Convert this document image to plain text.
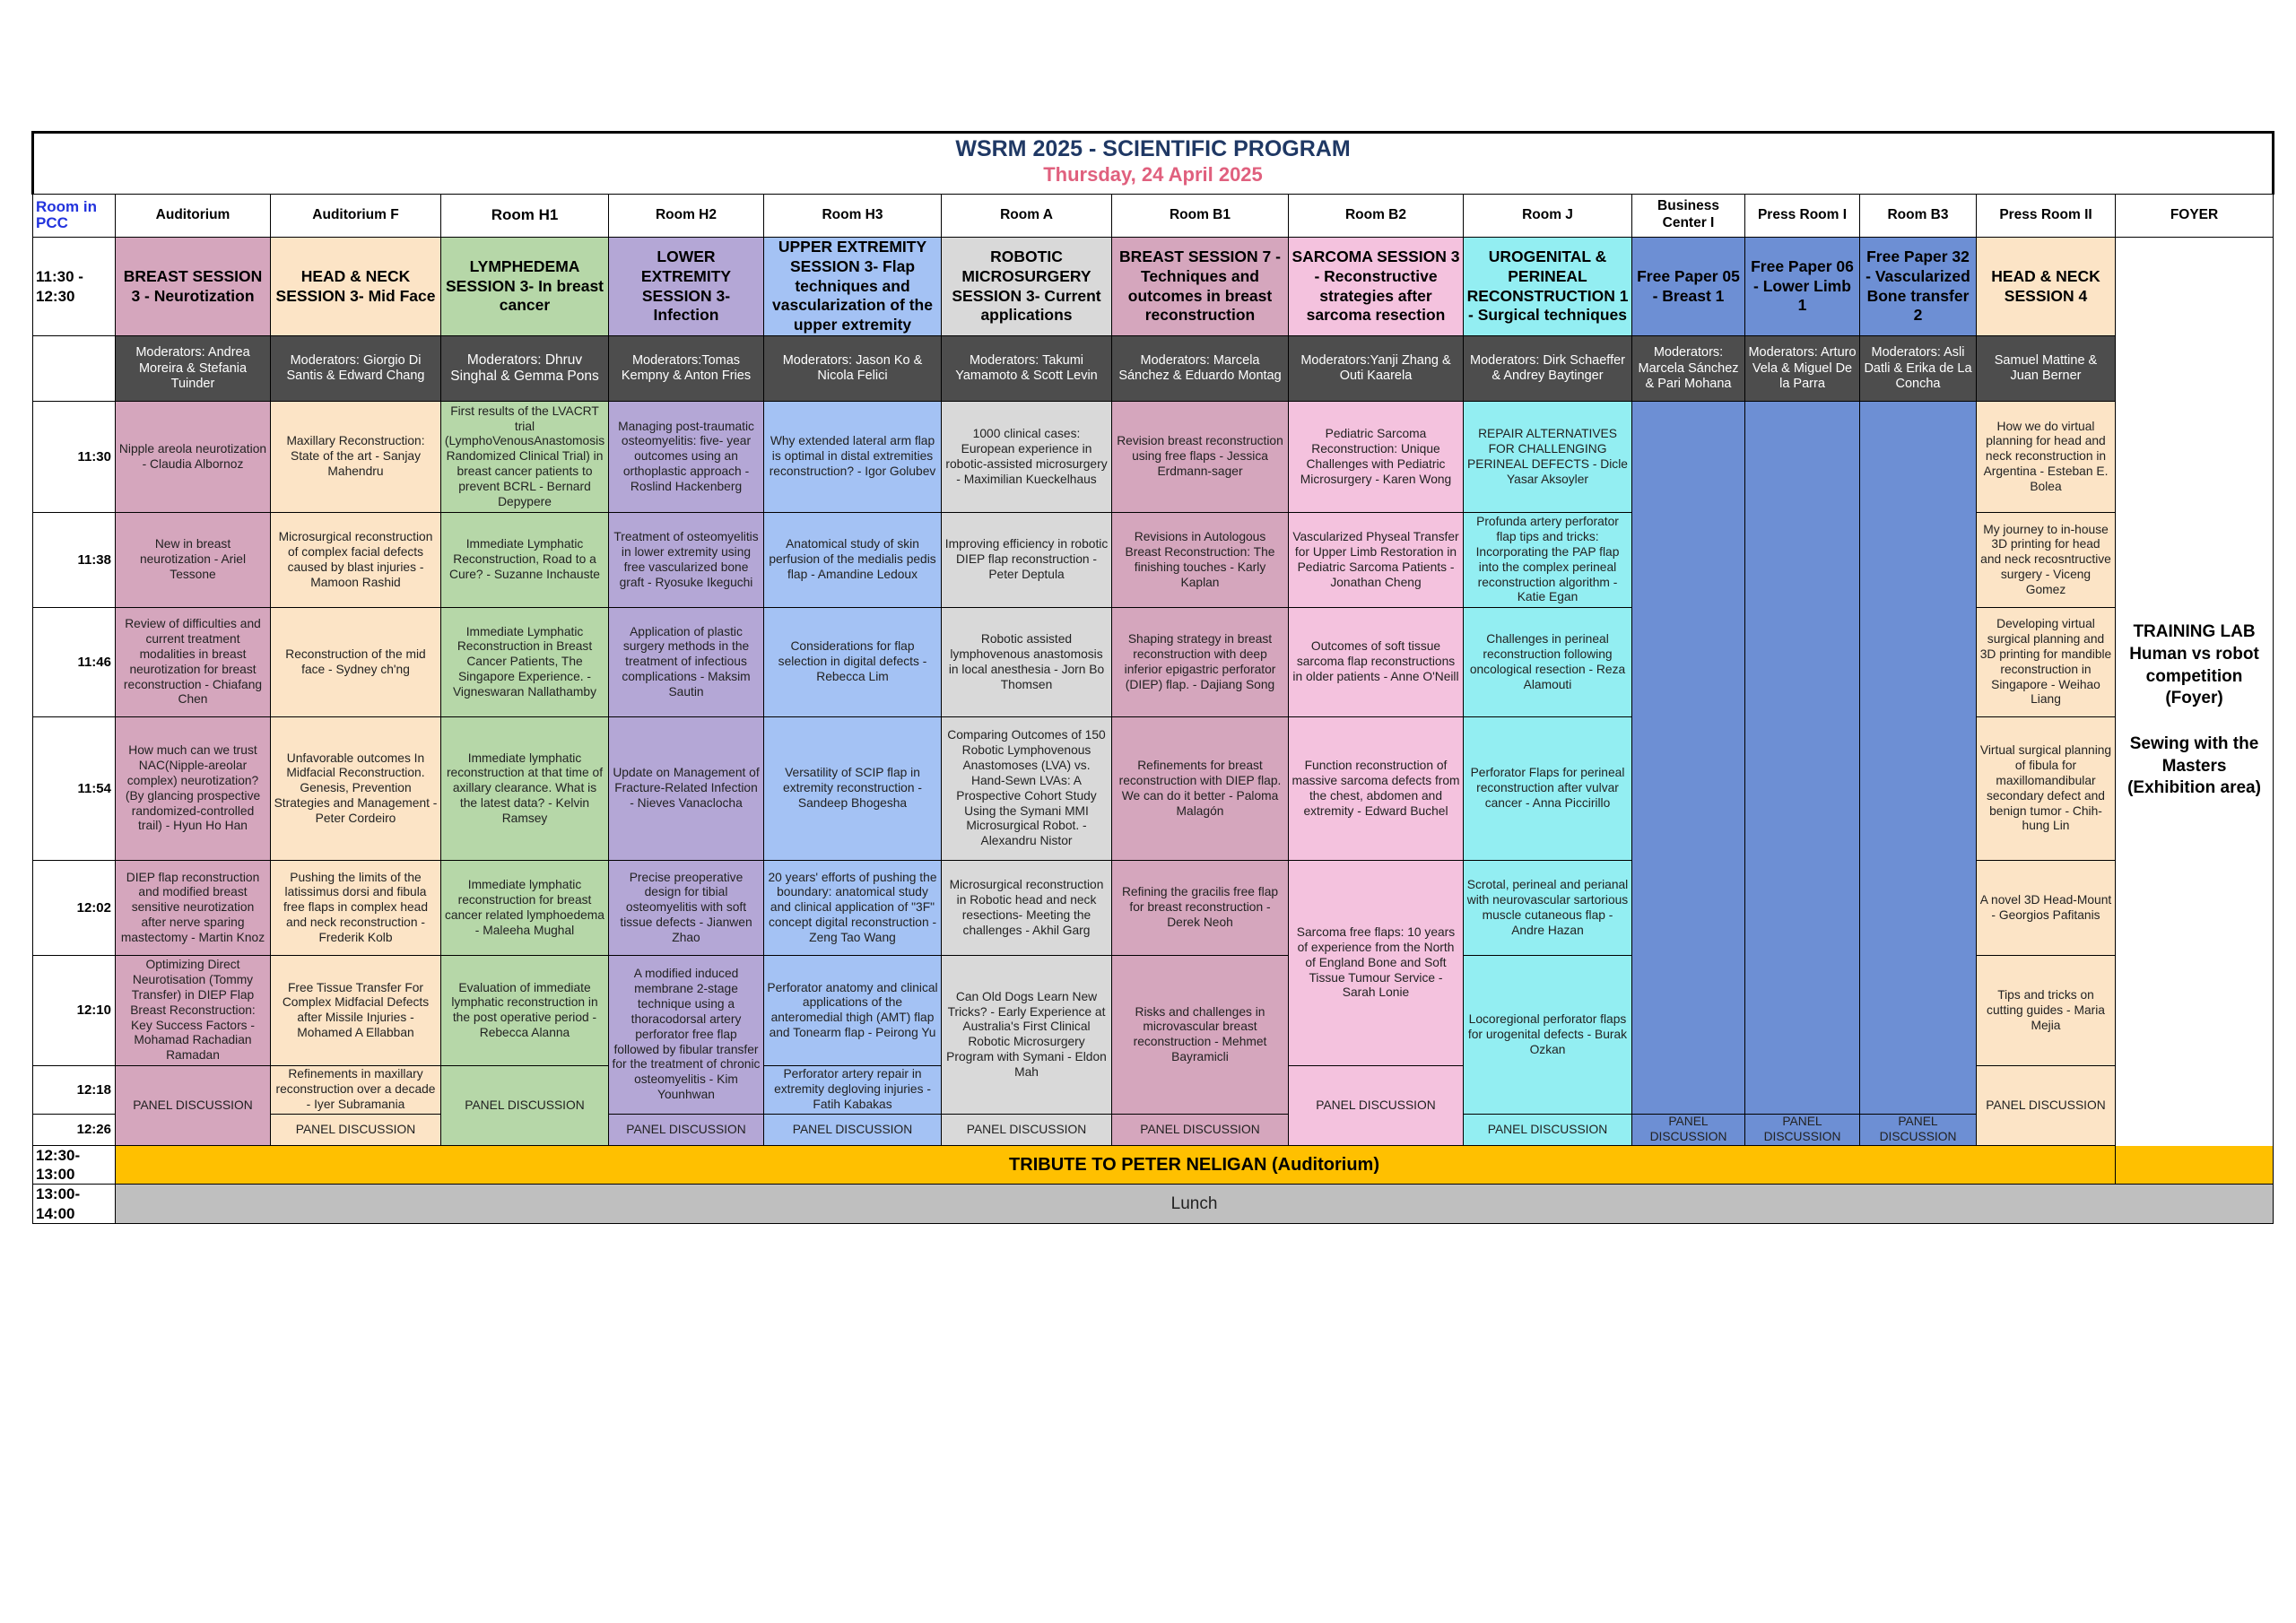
WSRM 2025 - SCIENTIFIC PROGRAM
Thursday, 24 April 2025														

Room in PCC	Auditorium	Auditorium F	Room H1	Room H2	Room H3	Room A	Room B1	Room B2	Room J	Business Center I	Press Room I	Room B3	Press Room II	FOYER
11:30 - 12:30	BREAST SESSION 3 - Neurotization	HEAD & NECK SESSION 3- Mid Face	LYMPHEDEMA SESSION 3- In breast cancer	LOWER EXTREMITY SESSION 3- Infection	UPPER EXTREMITY SESSION 3- Flap techniques and vascularization of the upper extremity	ROBOTIC MICROSURGERY SESSION 3- Current applications	BREAST SESSION 7 - Techniques and outcomes in breast reconstruction	SARCOMA SESSION 3 - Reconstructive strategies after sarcoma resection	UROGENITAL & PERINEAL RECONSTRUCTION 1 - Surgical techniques	Free Paper 05 - Breast 1	Free Paper 06 - Lower Limb 1	Free Paper 32 - Vascularized Bone transfer 2	HEAD & NECK SESSION 4	TRAINING LAB
Human vs robot competition
(Foyer)
Sewing with the Masters
(Exhibition area)

	Moderators: Andrea Moreira & Stefania Tuinder	Moderators: Giorgio Di Santis & Edward Chang	Moderators: Dhruv Singhal & Gemma Pons	Moderators:Tomas Kempny & Anton Fries	Moderators: Jason Ko & Nicola Felici	Moderators: Takumi Yamamoto & Scott Levin	Moderators: Marcela Sánchez & Eduardo Montag	Moderators:Yanji Zhang & Outi Kaarela	Moderators: Dirk Schaeffer & Andrey Baytinger	Moderators: Marcela Sánchez & Pari Mohana	Moderators: Arturo Vela & Miguel De la Parra	Moderators: Asli Datli & Erika de La Concha	Samuel Mattine & Juan Berner	
11:30	Nipple areola neurotization - Claudia Albornoz	Maxillary Reconstruction: State of the art - Sanjay Mahendru	First results of the LVACRT trial (LymphoVenousAnastomosis Randomized Clinical Trial) in breast cancer patients to prevent BCRL - Bernard Depypere	Managing post-traumatic osteomyelitis: five- year outcomes using an orthoplastic approach - Roslind Hackenberg	Why extended lateral arm flap is optimal in distal extremities reconstruction? - Igor Golubev	1000 clinical cases: European experience in robotic-assisted microsurgery - Maximilian Kueckelhaus	Revision breast reconstruction using free flaps - Jessica Erdmann-sager	Pediatric Sarcoma Reconstruction: Unique Challenges with Pediatric Microsurgery - Karen Wong	REPAIR ALTERNATIVES FOR CHALLENGING PERINEAL DEFECTS - Dicle Yasar Aksoyler				How we do virtual planning for head and neck reconstruction in Argentina - Esteban E. Bolea	
11:38	New in breast neurotization - Ariel Tessone	Microsurgical reconstruction of complex facial defects caused by blast injuries - Mamoon Rashid	Immediate Lymphatic Reconstruction, Road to a Cure? - Suzanne Inchauste	Treatment of osteomyelitis in lower extremity using free vascularized bone graft - Ryosuke Ikeguchi	Anatomical study of skin perfusion of the medialis pedis flap - Amandine Ledoux	Improving efficiency in robotic DIEP flap reconstruction - Peter Deptula	Revisions in Autologous Breast Reconstruction: The finishing touches - Karly Kaplan	Vascularized Physeal Transfer for Upper Limb Restoration in Pediatric Sarcoma Patients - Jonathan Cheng	Profunda artery perforator flap tips and tricks: Incorporating the PAP flap into the complex perineal reconstruction algorithm - Katie Egan				My journey to in-house 3D printing for head and neck recosntructive surgery - Viceng Gomez	
11:46	Review of difficulties and current treatment modalities in breast neurotization for breast reconstruction - Chiafang Chen	Reconstruction of the mid face - Sydney ch'ng	Immediate Lymphatic Reconstruction in Breast Cancer Patients, The Singapore Experience. - Vigneswaran Nallathamby	Application of plastic surgery methods in the treatment of infectious complications - Maksim Sautin	Considerations for flap selection in digital defects - Rebecca Lim	Robotic assisted lymphovenous anastomosis in local anesthesia - Jorn Bo Thomsen	Shaping strategy in breast reconstruction with deep inferior epigastric perforator (DIEP) flap. - Dajiang Song	Outcomes of soft tissue sarcoma flap reconstructions in older patients - Anne O'Neill	Challenges in perineal reconstruction following oncological resection - Reza Alamouti				Developing virtual surgical planning and 3D printing for mandible reconstruction in Singapore - Weihao Liang	
11:54	How much can we trust NAC(Nipple-areolar complex) neurotization? (By glancing prospective randomized-controlled trail) - Hyun Ho Han	Unfavorable outcomes In Midfacial Reconstruction. Genesis, Prevention Strategies and Management - Peter Cordeiro	Immediate lymphatic reconstruction at that time of axillary clearance. What is the latest data? - Kelvin Ramsey	Update on Management of Fracture-Related Infection - Nieves Vanaclocha	Versatility of SCIP flap in extremity reconstruction - Sandeep Bhogesha	Comparing Outcomes of 150 Robotic Lymphovenous Anastomoses (LVA) vs. Hand-Sewn LVAs: A Prospective Cohort Study Using the Symani MMI Microsurgical Robot. - Alexandru Nistor	Refinements for breast reconstruction with DIEP flap. We can do it better - Paloma Malagón	Function reconstruction of massive sarcoma defects from the chest, abdomen and extremity - Edward Buchel	Perforator Flaps for perineal reconstruction after vulvar cancer - Anna Piccirillo				Virtual surgical planning of fibula for maxillomandibular secondary defect and benign tumor - Chih-hung Lin	
12:02	DIEP flap reconstruction and modified breast sensitive neurotization after nerve sparing mastectomy - Martin Knoz	Pushing the limits of the latissimus dorsi and fibula free flaps in complex head and neck reconstruction - Frederik Kolb	Immediate lymphatic reconstruction for breast cancer related lymphoedema - Maleeha Mughal	Precise preoperative design for tibial osteomyelitis with soft tissue defects - Jianwen Zhao	20 years' efforts of pushing the boundary: anatomical study and clinical application of "3F" concept digital reconstruction - Zeng Tao Wang	Microsurgical reconstruction in Robotic head and neck resections- Meeting the challenges - Akhil Garg	Refining the gracilis free flap for breast reconstruction - Derek Neoh	Sarcoma free flaps: 10 years of experience from the North of England Bone and Soft Tissue Tumour Service - Sarah Lonie	Scrotal, perineal and perianal with neurovascular sartorious muscle cutaneous flap - Andre Hazan				A novel 3D Head-Mount - Georgios Pafitanis	
12:10	Optimizing Direct Neurotisation (Tommy Transfer) in DIEP Flap Breast Reconstruction: Key Success Factors - Mohamad Rachadian Ramadan	Free Tissue Transfer For Complex Midfacial Defects after Missile Injuries - Mohamed A Ellabban	Evaluation of immediate lymphatic reconstruction in the post operative period - Rebecca Alanna	A modified induced membrane 2-stage technique using a thoracodorsal artery perforator free flap followed by fibular transfer for the treatment of chronic osteomyelitis - Kim Younhwan	Perforator anatomy and clinical applications of the anteromedial thigh (AMT) flap and Tonearm flap - Peirong Yu	Can Old Dogs Learn New Tricks? - Early Experience at Australia's First Clinical Robotic Microsurgery Program with Symani - Eldon Mah	Risks and challenges in microvascular breast reconstruction - Mehmet Bayramicli		Locoregional perforator flaps for urogenital defects - Burak Ozkan				Tips and tricks on cutting guides - Maria Mejia	
12:18	PANEL DISCUSSION	Refinements in maxillary reconstruction over a decade - Iyer Subramania	PANEL DISCUSSION		Perforator artery repair in extremity degloving injuries - Fatih Kabakas			PANEL DISCUSSION					PANEL DISCUSSION	
12:26		PANEL DISCUSSION		PANEL DISCUSSION	PANEL DISCUSSION	PANEL DISCUSSION	PANEL DISCUSSION		PANEL DISCUSSION	PANEL DISCUSSION	PANEL DISCUSSION	PANEL DISCUSSION		
12:30- 13:00	TRIBUTE TO PETER NELIGAN (Auditorium)													
13:00- 14:00	Lunch													
